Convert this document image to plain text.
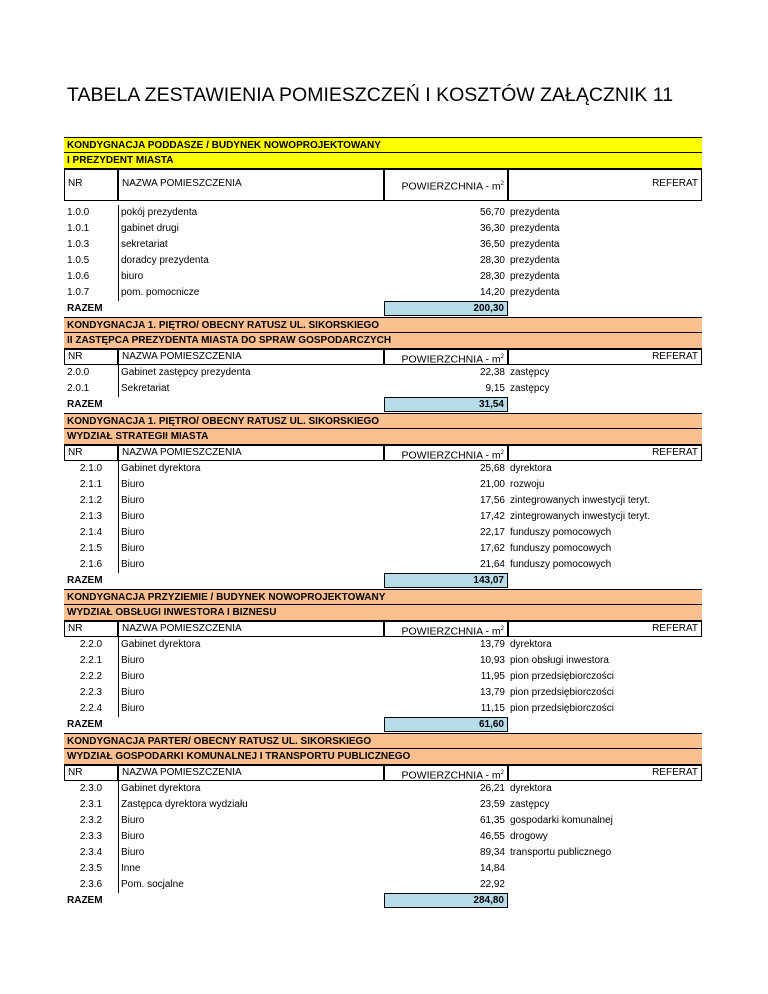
TABELA ZESTAWIENIA POMIESZCZEŃ I KOSZTÓW ZAŁĄCZNIK 11
KONDYGNACJA PODDASZE / BUDYNEK NOWOPROJEKTOWANY
I PREZYDENT MIASTA
NR	NAZWA POMIESZCZENIA	POWIERZCHNIA - $m^2$	REFERAT
1.0.0	pokój prezydenta	56,70 prezydenta
1.0.1	gabinet drugi	36,30 prezydenta
1.0.3	sekretariat	36,50 prezydenta
1.0.5	doradcy prezydenta	28,30 prezydenta
1.0.6	biuro	28,30 prezydenta
1.0.7	pom. pomocnicze	14,20 prezydenta
RAZEM	200,30
KONDYGNACJA 1. PIĘTRO/ OBECNY RATUSZ UL. SIKORSKIEGO
II ZASTĘPCA PREZYDENTA MIASTA DO SPRAW GOSPODARCZYCH
NR	NAZWA POMIESZCZENIA	POWIERZCHNIA - $m^2$	REFERAT
2.0.0	Gabinet zastępcy prezydenta	22,38 zastępcy
2.0.1	Sekretariat	9,15 zastępcy
RAZEM	31,54
KONDYGNACJA 1. PIĘTRO/ OBECNY RATUSZ UL. SIKORSKIEGO
WYDZIAŁ STRATEGII MIASTA
NR	NAZWA POMIESZCZENIA	POWIERZCHNIA - $m^2$	REFERAT
2.1.0	Gabinet dyrektora	25,68 dyrektora
2.1.1	Biuro	21,00 rozwoju
2.1.2	Biuro	17,56 zintegrowanych inwestycji teryt.
2.1.3	Biuro	17,42 zintegrowanych inwestycji teryt.
2.1.4	Biuro	22,17 funduszy pomocowych
2.1.5	Biuro	17,62 funduszy pomocowych
2.1.6	Biuro	21,64 funduszy pomocowych
RAZEM	143,07
KONDYGNACJA PRZYZIEMIE / BUDYNEK NOWOPROJEKTOWANY
WYDZIAŁ OBSŁUGI INWESTORA I BIZNESU
NR	NAZWA POMIESZCZENIA	POWIERZCHNIA - $m^2$	REFERAT
2.2.0	Gabinet dyrektora	13,79 dyrektora
2.2.1	Biuro	10,93 pion obsługi inwestora
2.2.2	Biuro	11,95 pion przedsiębiorczości
2.2.3	Biuro	13,79 pion przedsiębiorczości
2.2.4	Biuro	11,15 pion przedsiębiorczości
RAZEM	61,60
KONDYGNACJA PARTER/ OBECNY RATUSZ UL. SIKORSKIEGO
WYDZIAŁ GOSPODARKI KOMUNALNEJ I TRANSPORTU PUBLICZNEGO
NR	NAZWA POMIESZCZENIA	POWIERZCHNIA - $m^2$	REFERAT
2.3.0	Gabinet dyrektora	26,21 dyrektora
2.3.1	Zastępca dyrektora wydziału	23,59 zastępcy
2.3.2	Biuro	61,35 gospodarki komunalnej
2.3.3	Biuro	46,55 drogowy
2.3.4	Biuro	89,34 transportu publicznego
2.3.5	Inne	14,84
2.3.6	Pom. socjalne	22,92
RAZEM	284,80
